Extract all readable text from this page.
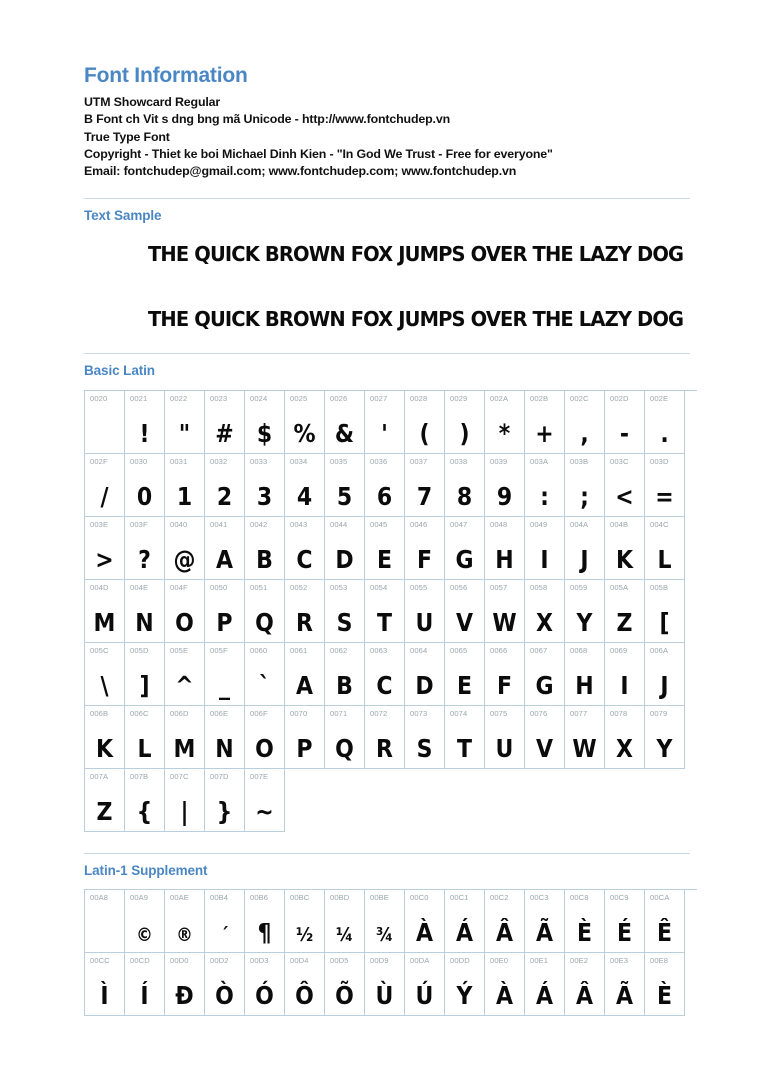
Font Information
UTM Showcard Regular
B Font ch Vit s dng bng mã Unicode - http://www.fontchudep.vn
True Type Font
Copyright - Thiet ke boi Michael Dinh Kien - "In God We Trust - Free for everyone"
Email: fontchudep@gmail.com; www.fontchudep.com; www.fontchudep.vn
Text Sample
THE QUICK BROWN FOX JUMPS OVER THE LAZY DOG
THE QUICK BROWN FOX JUMPS OVER THE LAZY DOG
Basic Latin
0020	0021
!
0022
"
0023
#
0024
$
0025
%
0026
&
0027
'
0028
(
0029
)
002A
*
002B
+
002C
,
002D
-
002E
.
002F
/
0030
0
0031
1
0032
2
0033
3
0034
4
0035
5
0036
6
0037
7
0038
8
0039
9
003A
:
003B
;
003C
<
003D
=
003E
>
003F
?
0040
@
0041
A
0042
B
0043
C
0044
D
0045
E
0046
F
0047
G
0048
H
0049
I
004A
J
004B
K
004C
L
004D
M
004E
N
004F
O
0050
P
0051
Q
0052
R
0053
S
0054
T
0055
U
0056
V
0057
W
0058
X
0059
Y
005A
Z
005B
[
005C
\
005D
]
005E
^
005F
_
0060
`
0061
A
0062
B
0063
C
0064
D
0065
E
0066
F
0067
G
0068
H
0069
I
006A
J
006B
K
006C
L
006D
M
006E
N
006F
O
0070
P
0071
Q
0072
R
0073
S
0074
T
0075
U
0076
V
0077
W
0078
X
0079
Y
007A
Z
007B
{
007C
|
007D
}
007E
~
Latin-1 Supplement
00A8	00A9
©
00AE
®
00B4
´
00B6
¶
00BC
½
00BD
¼
00BE
¾
00C0
À
00C1
Á
00C2
Â
00C3
Ã
00C8
È
00C9
É
00CA
Ê
00CC
Ì
00CD
Í
00D0
Ð
00D2
Ò
00D3
Ó
00D4
Ô
00D5
Õ
00D9
Ù
00DA
Ú
00DD
Ý
00E0
À
00E1
Á
00E2
Â
00E3
Ã
00E8
È
